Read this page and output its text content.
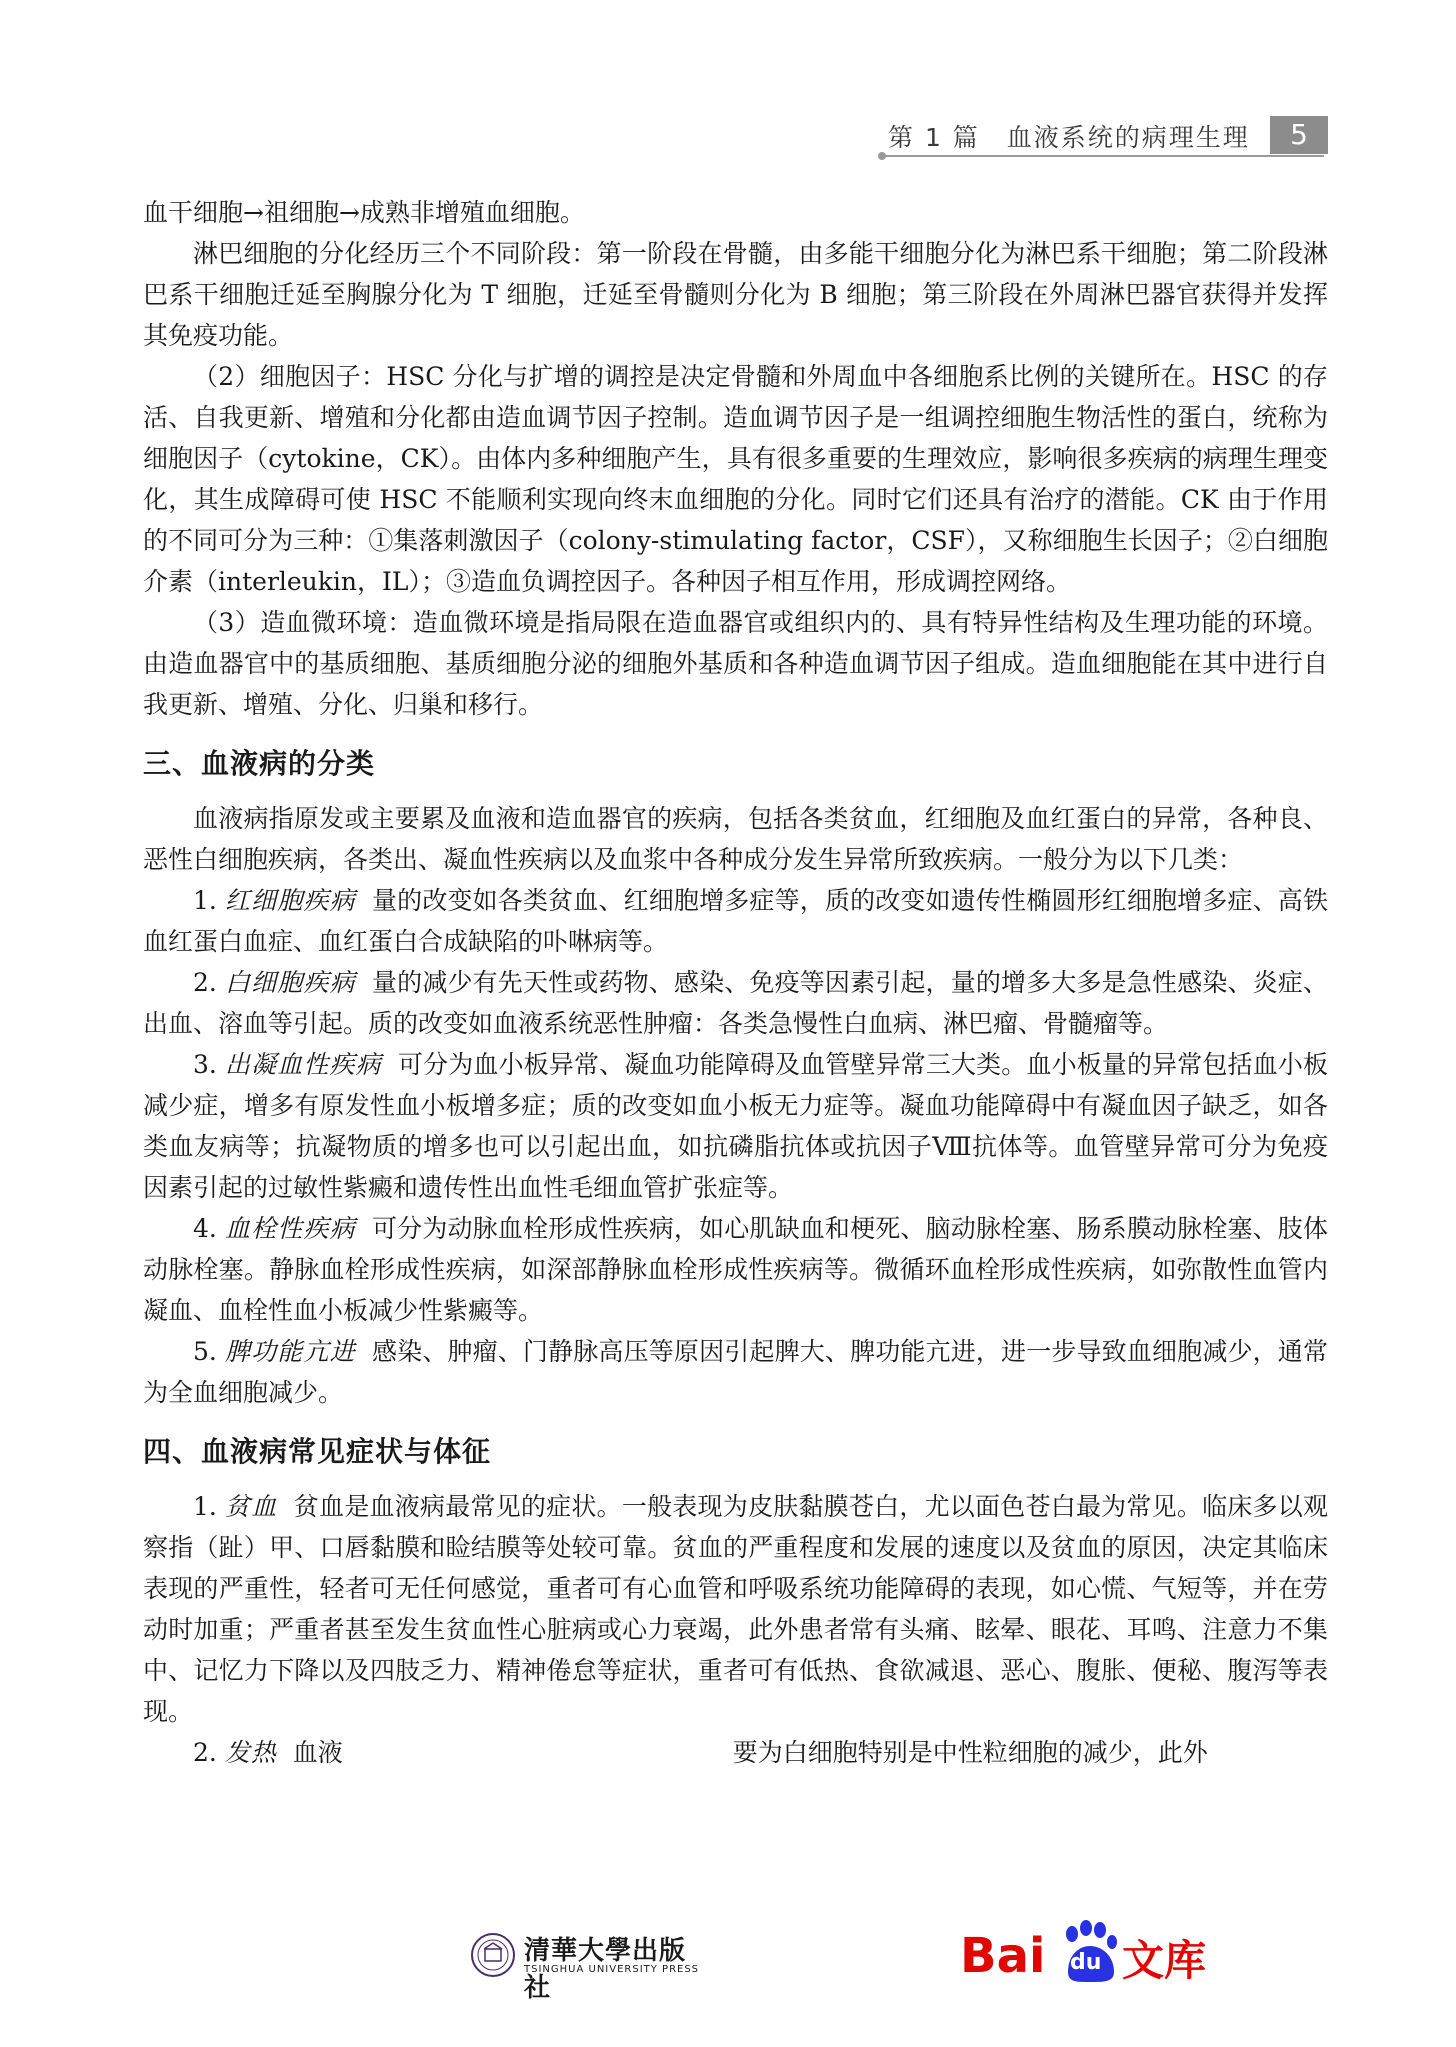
第 1 篇　血液系统的病理生理	5

血干细胞→祖细胞→成熟非增殖血细胞。

淋巴细胞的分化经历三个不同阶段：第一阶段在骨髓，由多能干细胞分化为淋巴系干细胞；第二阶段淋巴系干细胞迁延至胸腺分化为 T 细胞，迁延至骨髓则分化为 B 细胞；第三阶段在外周淋巴器官获得并发挥其免疫功能。

（2）细胞因子：HSC 分化与扩增的调控是决定骨髓和外周血中各细胞系比例的关键所在。HSC 的存活、自我更新、增殖和分化都由造血调节因子控制。造血调节因子是一组调控细胞生物活性的蛋白，统称为细胞因子（cytokine，CK）。由体内多种细胞产生，具有很多重要的生理效应，影响很多疾病的病理生理变化，其生成障碍可使 HSC 不能顺利实现向终末血细胞的分化。同时它们还具有治疗的潜能。CK 由于作用的不同可分为三种：①集落刺激因子（colony-stimulating factor，CSF），又称细胞生长因子；②白细胞介素（interleukin，IL）；③造血负调控因子。各种因子相互作用，形成调控网络。

（3）造血微环境：造血微环境是指局限在造血器官或组织内的、具有特异性结构及生理功能的环境。由造血器官中的基质细胞、基质细胞分泌的细胞外基质和各种造血调节因子组成。造血细胞能在其中进行自我更新、增殖、分化、归巢和移行。

三、血液病的分类

血液病指原发或主要累及血液和造血器官的疾病，包括各类贫血，红细胞及血红蛋白的异常，各种良、恶性白细胞疾病，各类出、凝血性疾病以及血浆中各种成分发生异常所致疾病。一般分为以下几类：

1. 红细胞疾病 量的改变如各类贫血、红细胞增多症等，质的改变如遗传性椭圆形红细胞增多症、高铁血红蛋白血症、血红蛋白合成缺陷的卟啉病等。

2. 白细胞疾病 量的减少有先天性或药物、感染、免疫等因素引起，量的增多大多是急性感染、炎症、出血、溶血等引起。质的改变如血液系统恶性肿瘤：各类急慢性白血病、淋巴瘤、骨髓瘤等。

3. 出凝血性疾病 可分为血小板异常、凝血功能障碍及血管壁异常三大类。血小板量的异常包括血小板减少症，增多有原发性血小板增多症；质的改变如血小板无力症等。凝血功能障碍中有凝血因子缺乏，如各类血友病等；抗凝物质的增多也可以引起出血，如抗磷脂抗体或抗因子Ⅷ抗体等。血管壁异常可分为免疫因素引起的过敏性紫癜和遗传性出血性毛细血管扩张症等。

4. 血栓性疾病 可分为动脉血栓形成性疾病，如心肌缺血和梗死、脑动脉栓塞、肠系膜动脉栓塞、肢体动脉栓塞。静脉血栓形成性疾病，如深部静脉血栓形成性疾病等。微循环血栓形成性疾病，如弥散性血管内凝血、血栓性血小板减少性紫癜等。

5. 脾功能亢进 感染、肿瘤、门静脉高压等原因引起脾大、脾功能亢进，进一步导致血细胞减少，通常为全血细胞减少。

四、血液病常见症状与体征

1. 贫血 贫血是血液病最常见的症状。一般表现为皮肤黏膜苍白，尤以面色苍白最为常见。临床多以观察指（趾）甲、口唇黏膜和睑结膜等处较可靠。贫血的严重程度和发展的速度以及贫血的原因，决定其临床表现的严重性，轻者可无任何感觉，重者可有心血管和呼吸系统功能障碍的表现，如心慌、气短等，并在劳动时加重；严重者甚至发生贫血性心脏病或心力衰竭，此外患者常有头痛、眩晕、眼花、耳鸣、注意力不集中、记忆力下降以及四肢乏力、精神倦怠等症状，重者可有低热、食欲减退、恶心、腹胀、便秘、腹泻等表现。

2. 发热 血液	要为白细胞特别是中性粒细胞的减少，此外

清華大學出版社
TSINGHUA UNIVERSITY PRESS	Bai du 文库
